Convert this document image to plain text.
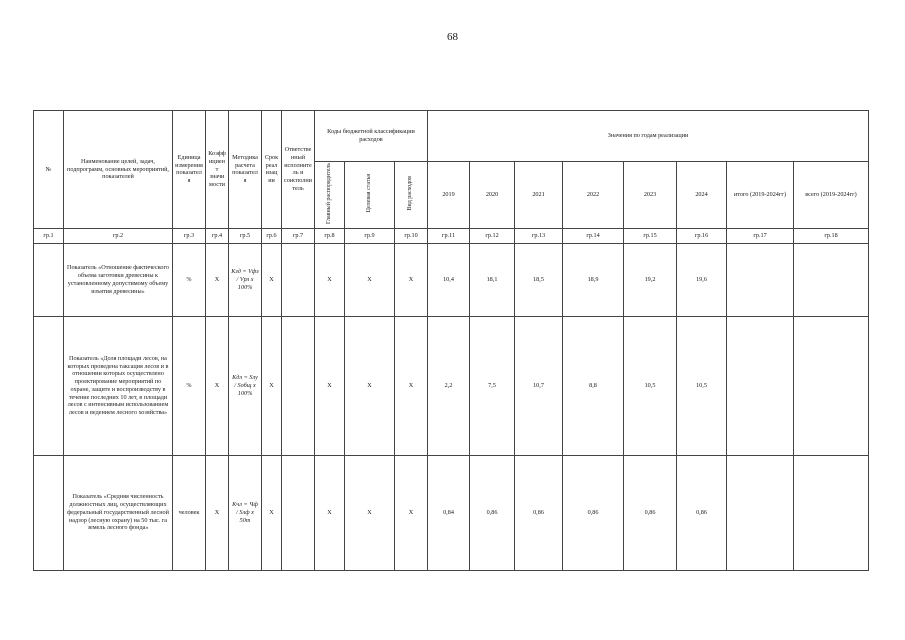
68
№	Наименование целей, задач, подпрограмм, основных мероприятий, показателей	Единица измерения показателя	Коэффициент значимости	Методика расчета показателя	Срок реализации	Ответственный исполнитель и соисполнитель	Коды бюджетной классификации расходов			Значения по годам реализации							
							Главный распорядитель	Целевая статья	Вид расходов	2019	2020	2021	2022	2023	2024	итого (2019-2024гг)	всего (2019-2024гг)
гр.1	гр.2	гр.3	гр.4	гр.5	гр.6	гр.7	гр.8	гр.9	гр.10	гр.11	гр.12	гр.13	гр.14	гр.15	гр.16	гр.17	гр.18
	Показатель «Отношение фактического объема заготовки древесины к установленному допустимому объему изъятия древесины»	%	Х	Кзд = Vфз / Vрл х 100%	Х		Х	Х	Х	10,4	18,1	18,5	18,9	19,2	19,6		
	Показатель «Доля площади лесов, на которых проведена таксация лесов и в отношении которых осуществлено проектирование мероприятий по охране, защите и воспроизводству в течение последних 10 лет, в площади лесов с интенсивным использованием лесов и ведением лесного хозяйства»	%	Х	Кдл = Sлу / Sобщ х 100%	Х		Х	Х	Х	2,2	7,5	10,7	8,8	10,5	10,5		
	Показатель «Средняя численность должностных лиц, осуществляющих федеральный государственный лесной надзор (лесную охрану) на 50 тыс. га земель лесного фонда»	человек	Х	Кчл = Чф / Sлф х 50т	Х		Х	Х	Х	0,84	0,86	0,86	0,86	0,86	0,86		
